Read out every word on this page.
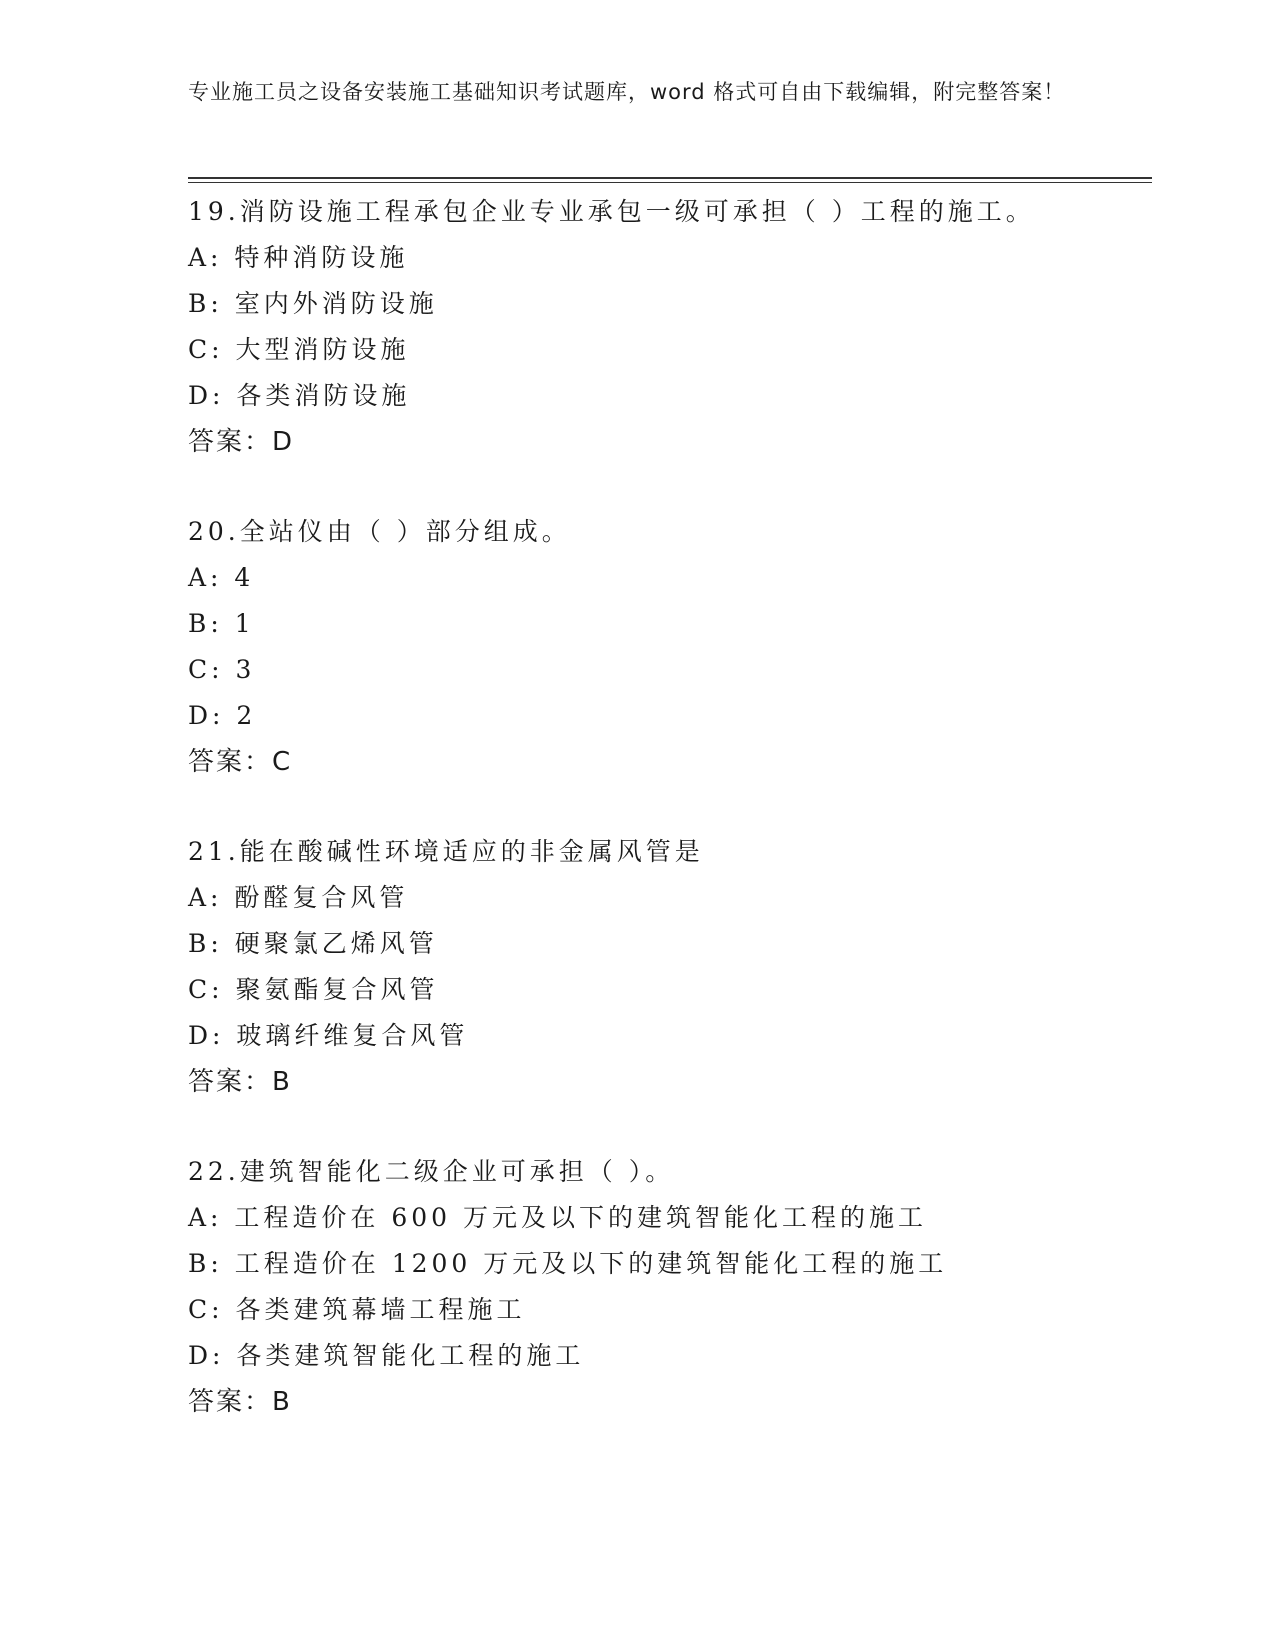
专业施工员之设备安装施工基础知识考试题库，word 格式可自由下载编辑，附完整答案！
19.消防设施工程承包企业专业承包一级可承担（ ）工程的施工。
A: 特种消防设施
B: 室内外消防设施
C: 大型消防设施
D: 各类消防设施
答案：D
20.全站仪由（ ）部分组成。
A: 4
B: 1
C: 3
D: 2
答案：C
21.能在酸碱性环境适应的非金属风管是
A: 酚醛复合风管
B: 硬聚氯乙烯风管
C: 聚氨酯复合风管
D: 玻璃纤维复合风管
答案：B
22.建筑智能化二级企业可承担（ ）。
A: 工程造价在 600 万元及以下的建筑智能化工程的施工
B: 工程造价在 1200 万元及以下的建筑智能化工程的施工
C: 各类建筑幕墙工程施工
D: 各类建筑智能化工程的施工
答案：B
